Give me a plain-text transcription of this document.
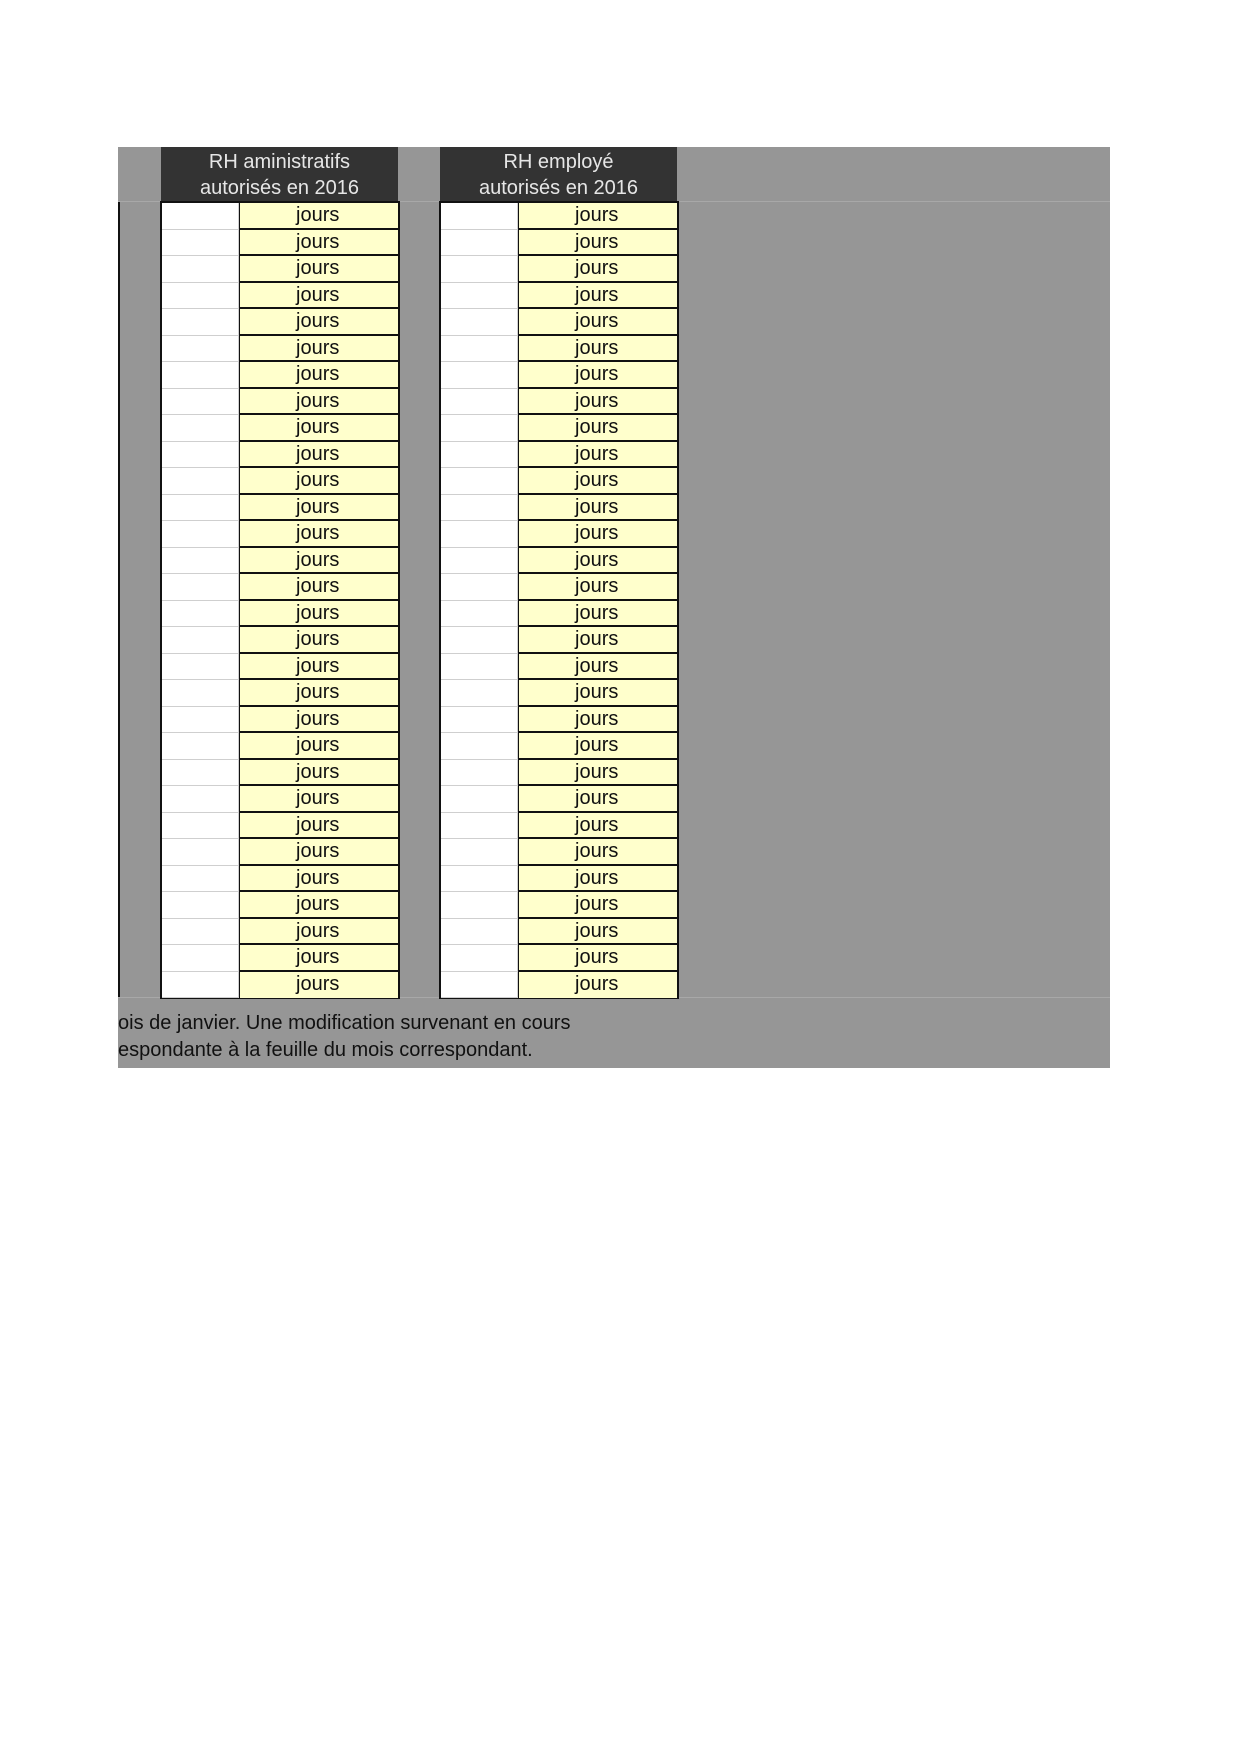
RH aministratifs
autorisés en 2016
RH employé
autorisés en 2016
jours
jours
jours
jours
jours
jours
jours
jours
jours
jours
jours
jours
jours
jours
jours
jours
jours
jours
jours
jours
jours
jours
jours
jours
jours
jours
jours
jours
jours
jours
jours
jours
jours
jours
jours
jours
jours
jours
jours
jours
jours
jours
jours
jours
jours
jours
jours
jours
jours
jours
jours
jours
jours
jours
jours
jours
jours
jours
jours
jours
ois de janvier. Une modification survenant en cours
espondante à la feuille du mois correspondant.
